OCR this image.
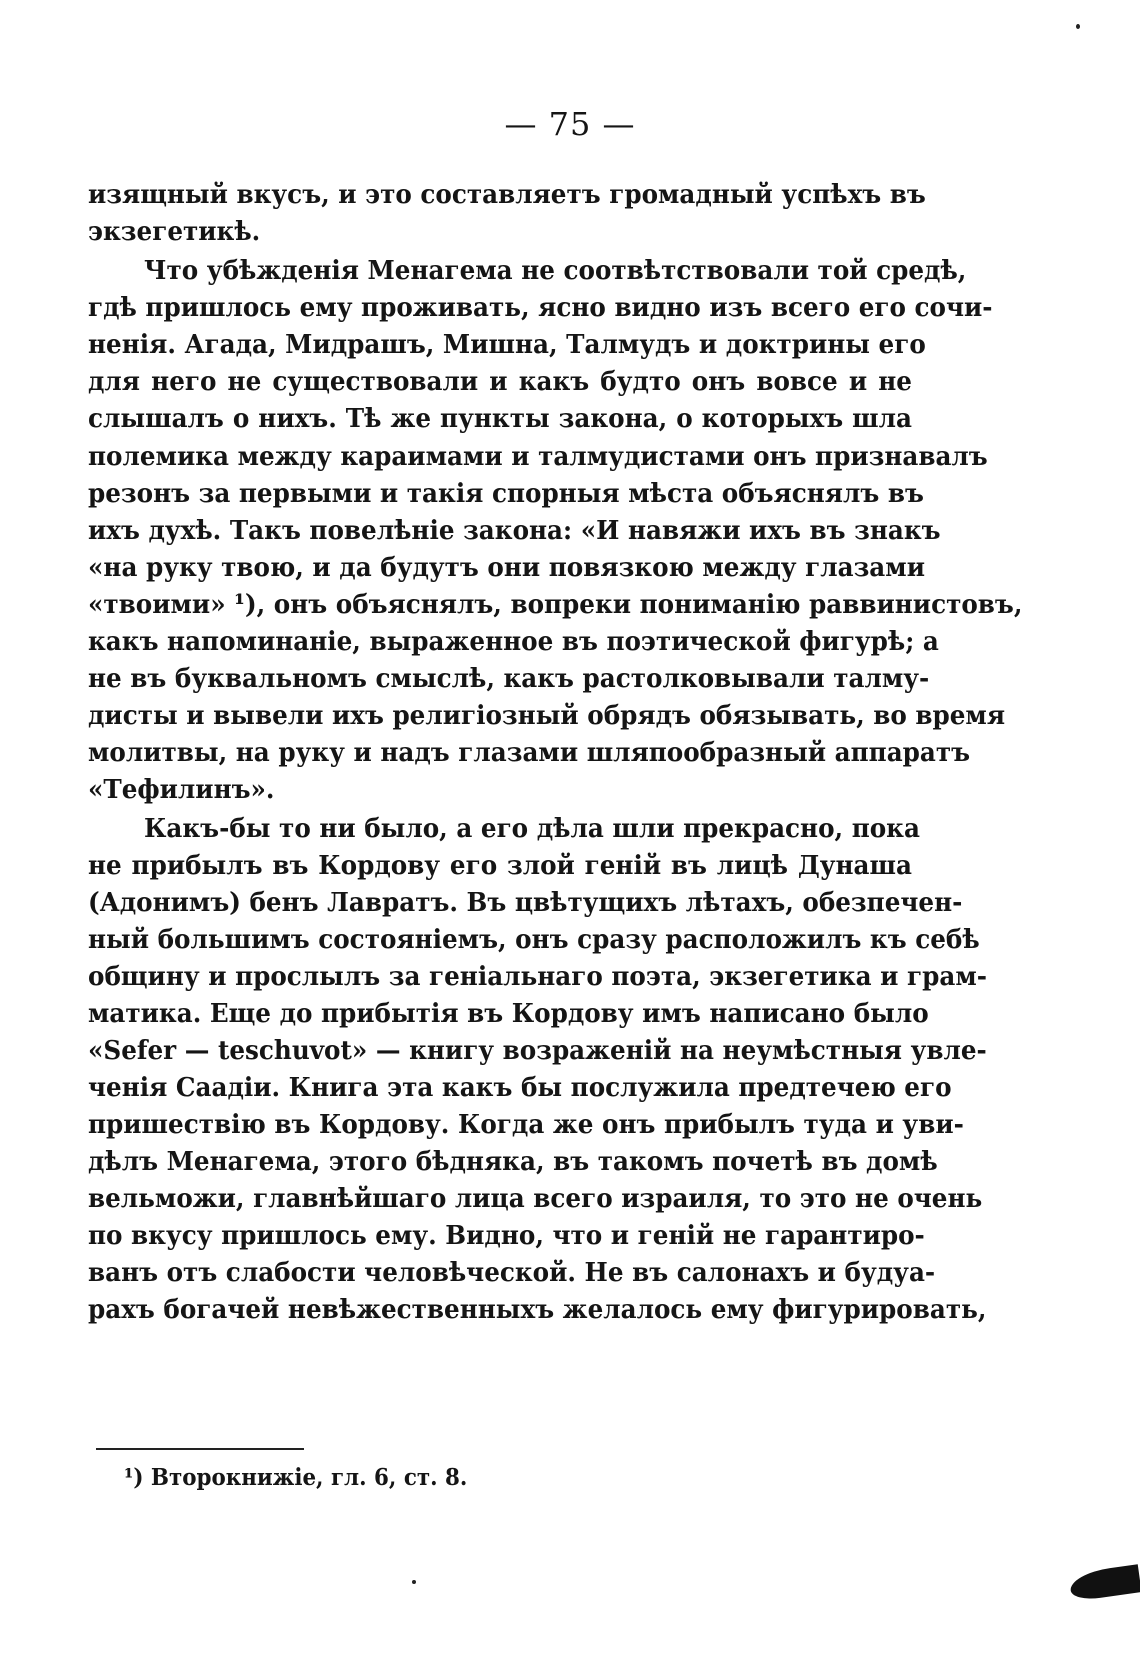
— 75 —
изящный вкусъ, и это составляетъ громадный успѣхъ въ
экзегетикѣ.
Что убѣжденія Менагема не соотвѣтствовали той средѣ,
гдѣ пришлось ему проживать, ясно видно изъ всего его сочи-
ненія. Агада, Мидрашъ, Мишна, Талмудъ и доктрины его
для него не существовали и какъ будто онъ вовсе и не
слышалъ о нихъ. Тѣ же пункты закона, о которыхъ шла
полемика между караимами и талмудистами онъ признавалъ
резонъ за первыми и такія спорныя мѣста объяснялъ въ
ихъ духѣ. Такъ повелѣніе закона: «И навяжи ихъ въ знакъ
«на руку твою, и да будутъ они повязкою между глазами
«твоими» ¹), онъ объяснялъ, вопреки пониманію раввинистовъ,
какъ напоминаніе, выраженное въ поэтической фигурѣ; а
не въ буквальномъ смыслѣ, какъ растолковывали талму-
дисты и вывели ихъ религіозный обрядъ обязывать, во время
молитвы, на руку и надъ глазами шляпообразный аппаратъ
«Тефилинъ».
Какъ-бы то ни было, а его дѣла шли прекрасно, пока
не прибылъ въ Кордову его злой геній въ лицѣ Дунаша
(Адонимъ) бенъ Лавратъ. Въ цвѣтущихъ лѣтахъ, обезпечен-
ный большимъ состояніемъ, онъ сразу расположилъ къ себѣ
общину и прослылъ за геніальнаго поэта, экзегетика и грам-
матика. Еще до прибытія въ Кордову имъ написано было
«Sefer — teschuvot» — книгу возраженій на неумѣстныя увле-
ченія Саадіи. Книга эта какъ бы послужила предтечею его
пришествію въ Кордову. Когда же онъ прибылъ туда и уви-
дѣлъ Менагема, этого бѣдняка, въ такомъ почетѣ въ домѣ
вельможи, главнѣйшаго лица всего израиля, то это не очень
по вкусу пришлось ему. Видно, что и геній не гарантиро-
ванъ отъ слабости человѣческой. Не въ салонахъ и будуа-
рахъ богачей невѣжественныхъ желалось ему фигурировать,
¹) Второкнижіе, гл. 6, ст. 8.
